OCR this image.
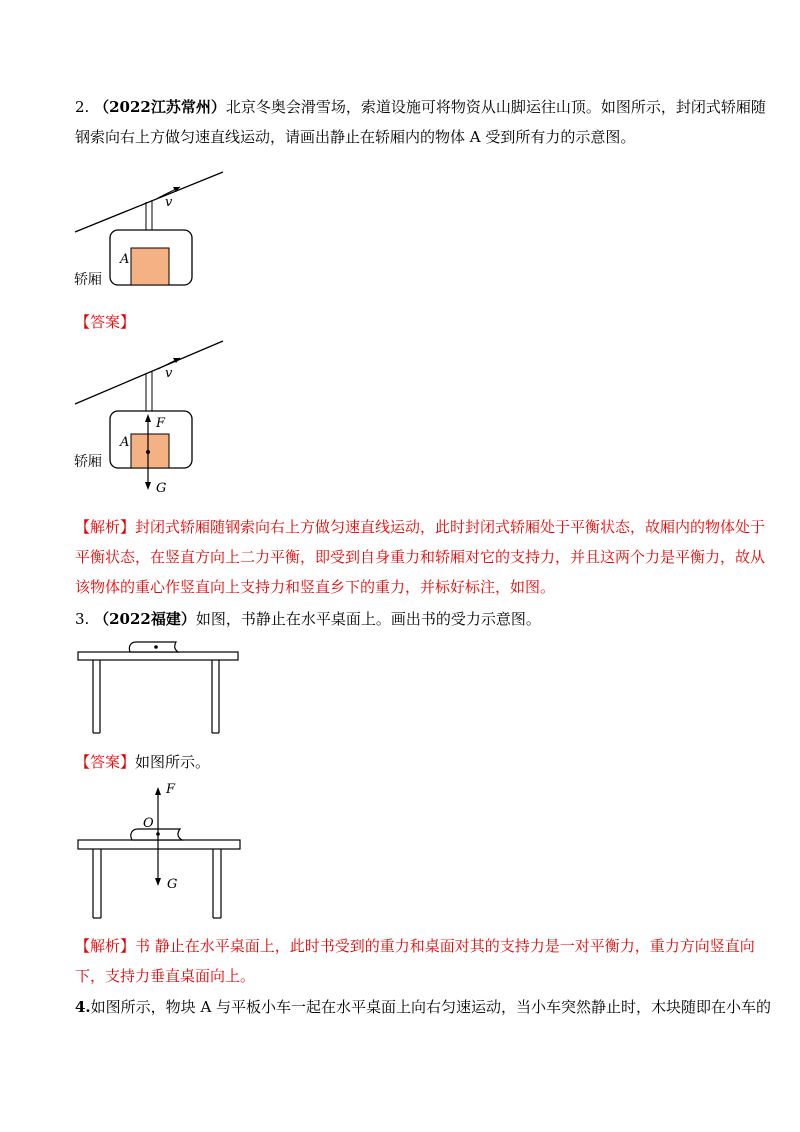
2. （2022江苏常州）北京冬奥会滑雪场，索道设施可将物资从山脚运往山顶。如图所示，封闭式轿厢随
钢索向右上方做匀速直线运动，请画出静止在轿厢内的物体 A 受到所有力的示意图。
v
A
轿厢
【答案】
v
F
A
轿厢
G
【解析】封闭式轿厢随钢索向右上方做匀速直线运动，此时封闭式轿厢处于平衡状态，故厢内的物体处于
平衡状态，在竖直方向上二力平衡，即受到自身重力和轿厢对它的支持力，并且这两个力是平衡力，故从
该物体的重心作竖直向上支持力和竖直乡下的重力，并标好标注，如图。
3. （2022福建）如图，书静止在水平桌面上。画出书的受力示意图。
【答案】如图所示。
F
O
G
【解析】书 静止在水平桌面上，此时书受到的重力和桌面对其的支持力是一对平衡力，重力方向竖直向
下，支持力垂直桌面向上。
4.如图所示，物块 A 与平板小车一起在水平桌面上向右匀速运动，当小车突然静止时，木块随即在小车的
